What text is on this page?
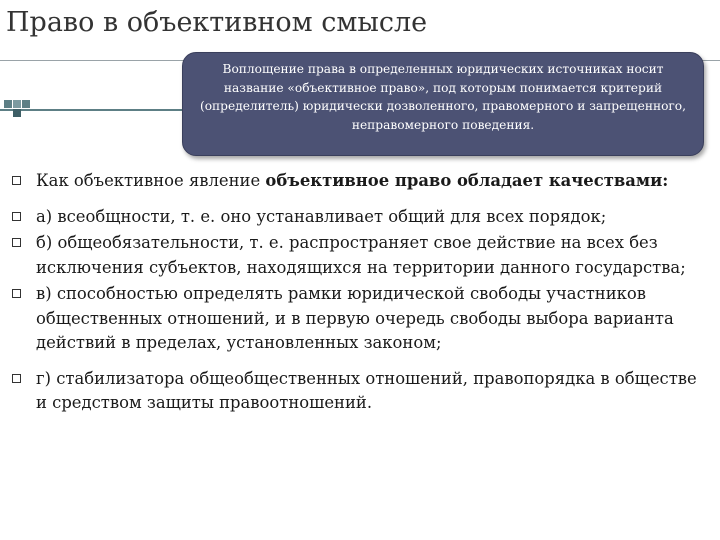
Право в объективном смысле
Воплощение права в определенных юридических источниках носит название «объективное право», под которым понимается критерий (определитель) юридически дозволенного, правомерного и запрещенного, неправомерного поведения.
Как объективное явление объективное право обладает качествами:
а) всеобщности, т. е. оно устанавливает общий для всех порядок;
б) общеобязательности, т. е. распространяет свое действие на всех без исключения субъектов, находящихся на территории данного государства;
в) способностью определять рамки юридической свободы участников общественных отношений, и в первую очередь свободы выбора варианта действий в пределах, установленных законом;
г) стабилизатора общеобщественных отношений, правопорядка в обществе и средством защиты правоотношений.
